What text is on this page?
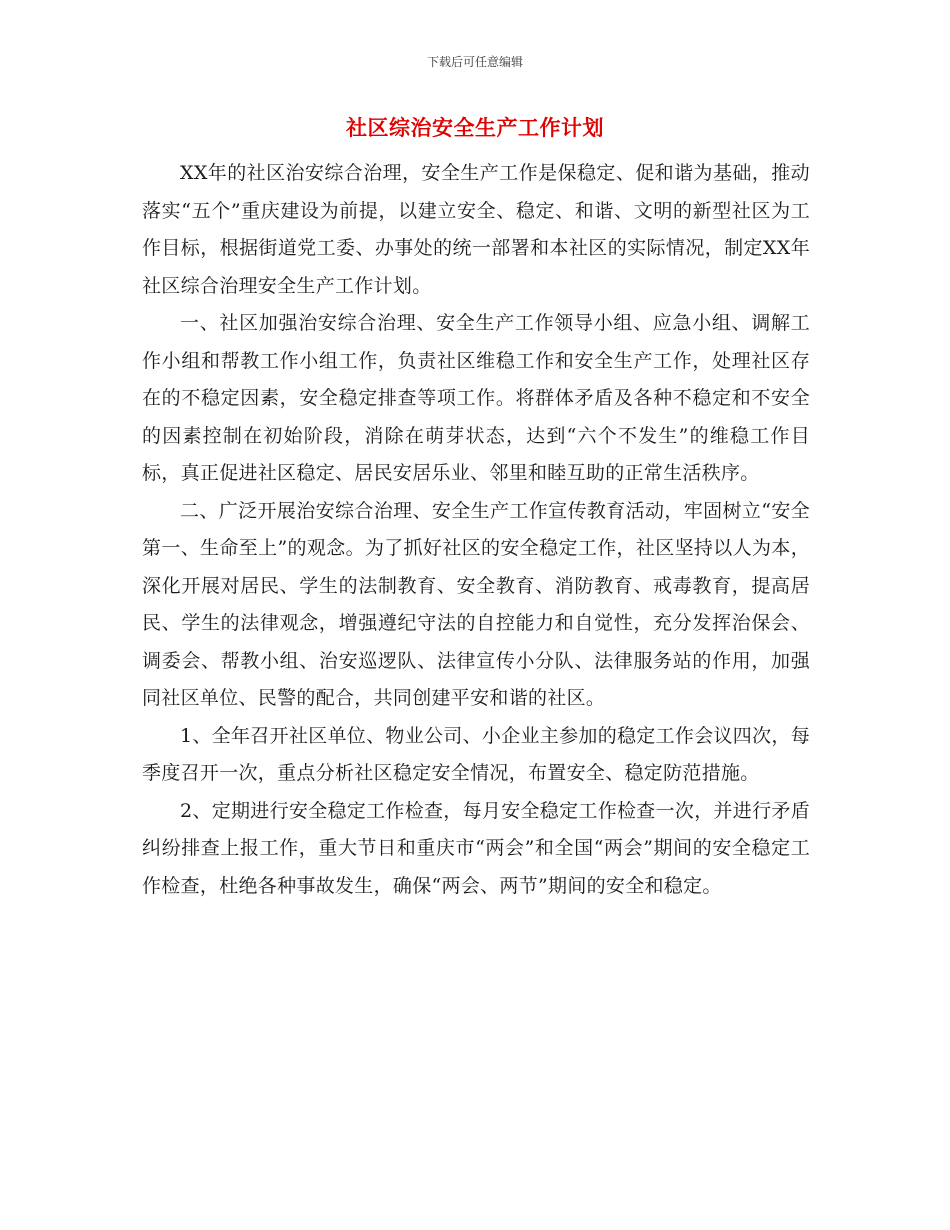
下载后可任意编辑
社区综治安全生产工作计划

XX年的社区治安综合治理，安全生产工作是保稳定、促和谐为基础，推动落实“五个”重庆建设为前提，以建立安全、稳定、和谐、文明的新型社区为工作目标，根据街道党工委、办事处的统一部署和本社区的实际情况，制定XX年社区综合治理安全生产工作计划。

一、社区加强治安综合治理、安全生产工作领导小组、应急小组、调解工作小组和帮教工作小组工作，负责社区维稳工作和安全生产工作，处理社区存在的不稳定因素，安全稳定排查等项工作。将群体矛盾及各种不稳定和不安全的因素控制在初始阶段，消除在萌芽状态，达到“六个不发生”的维稳工作目标，真正促进社区稳定、居民安居乐业、邻里和睦互助的正常生活秩序。

二、广泛开展治安综合治理、安全生产工作宣传教育活动，牢固树立“安全第一、生命至上”的观念。为了抓好社区的安全稳定工作，社区坚持以人为本，深化开展对居民、学生的法制教育、安全教育、消防教育、戒毒教育，提高居民、学生的法律观念，增强遵纪守法的自控能力和自觉性，充分发挥治保会、调委会、帮教小组、治安巡逻队、法律宣传小分队、法律服务站的作用，加强同社区单位、民警的配合，共同创建平安和谐的社区。

1、全年召开社区单位、物业公司、小企业主参加的稳定工作会议四次，每季度召开一次，重点分析社区稳定安全情况，布置安全、稳定防范措施。

2、定期进行安全稳定工作检查，每月安全稳定工作检查一次，并进行矛盾纠纷排查上报工作，重大节日和重庆市“两会”和全国“两会”期间的安全稳定工作检查，杜绝各种事故发生，确保“两会、两节”期间的安全和稳定。
